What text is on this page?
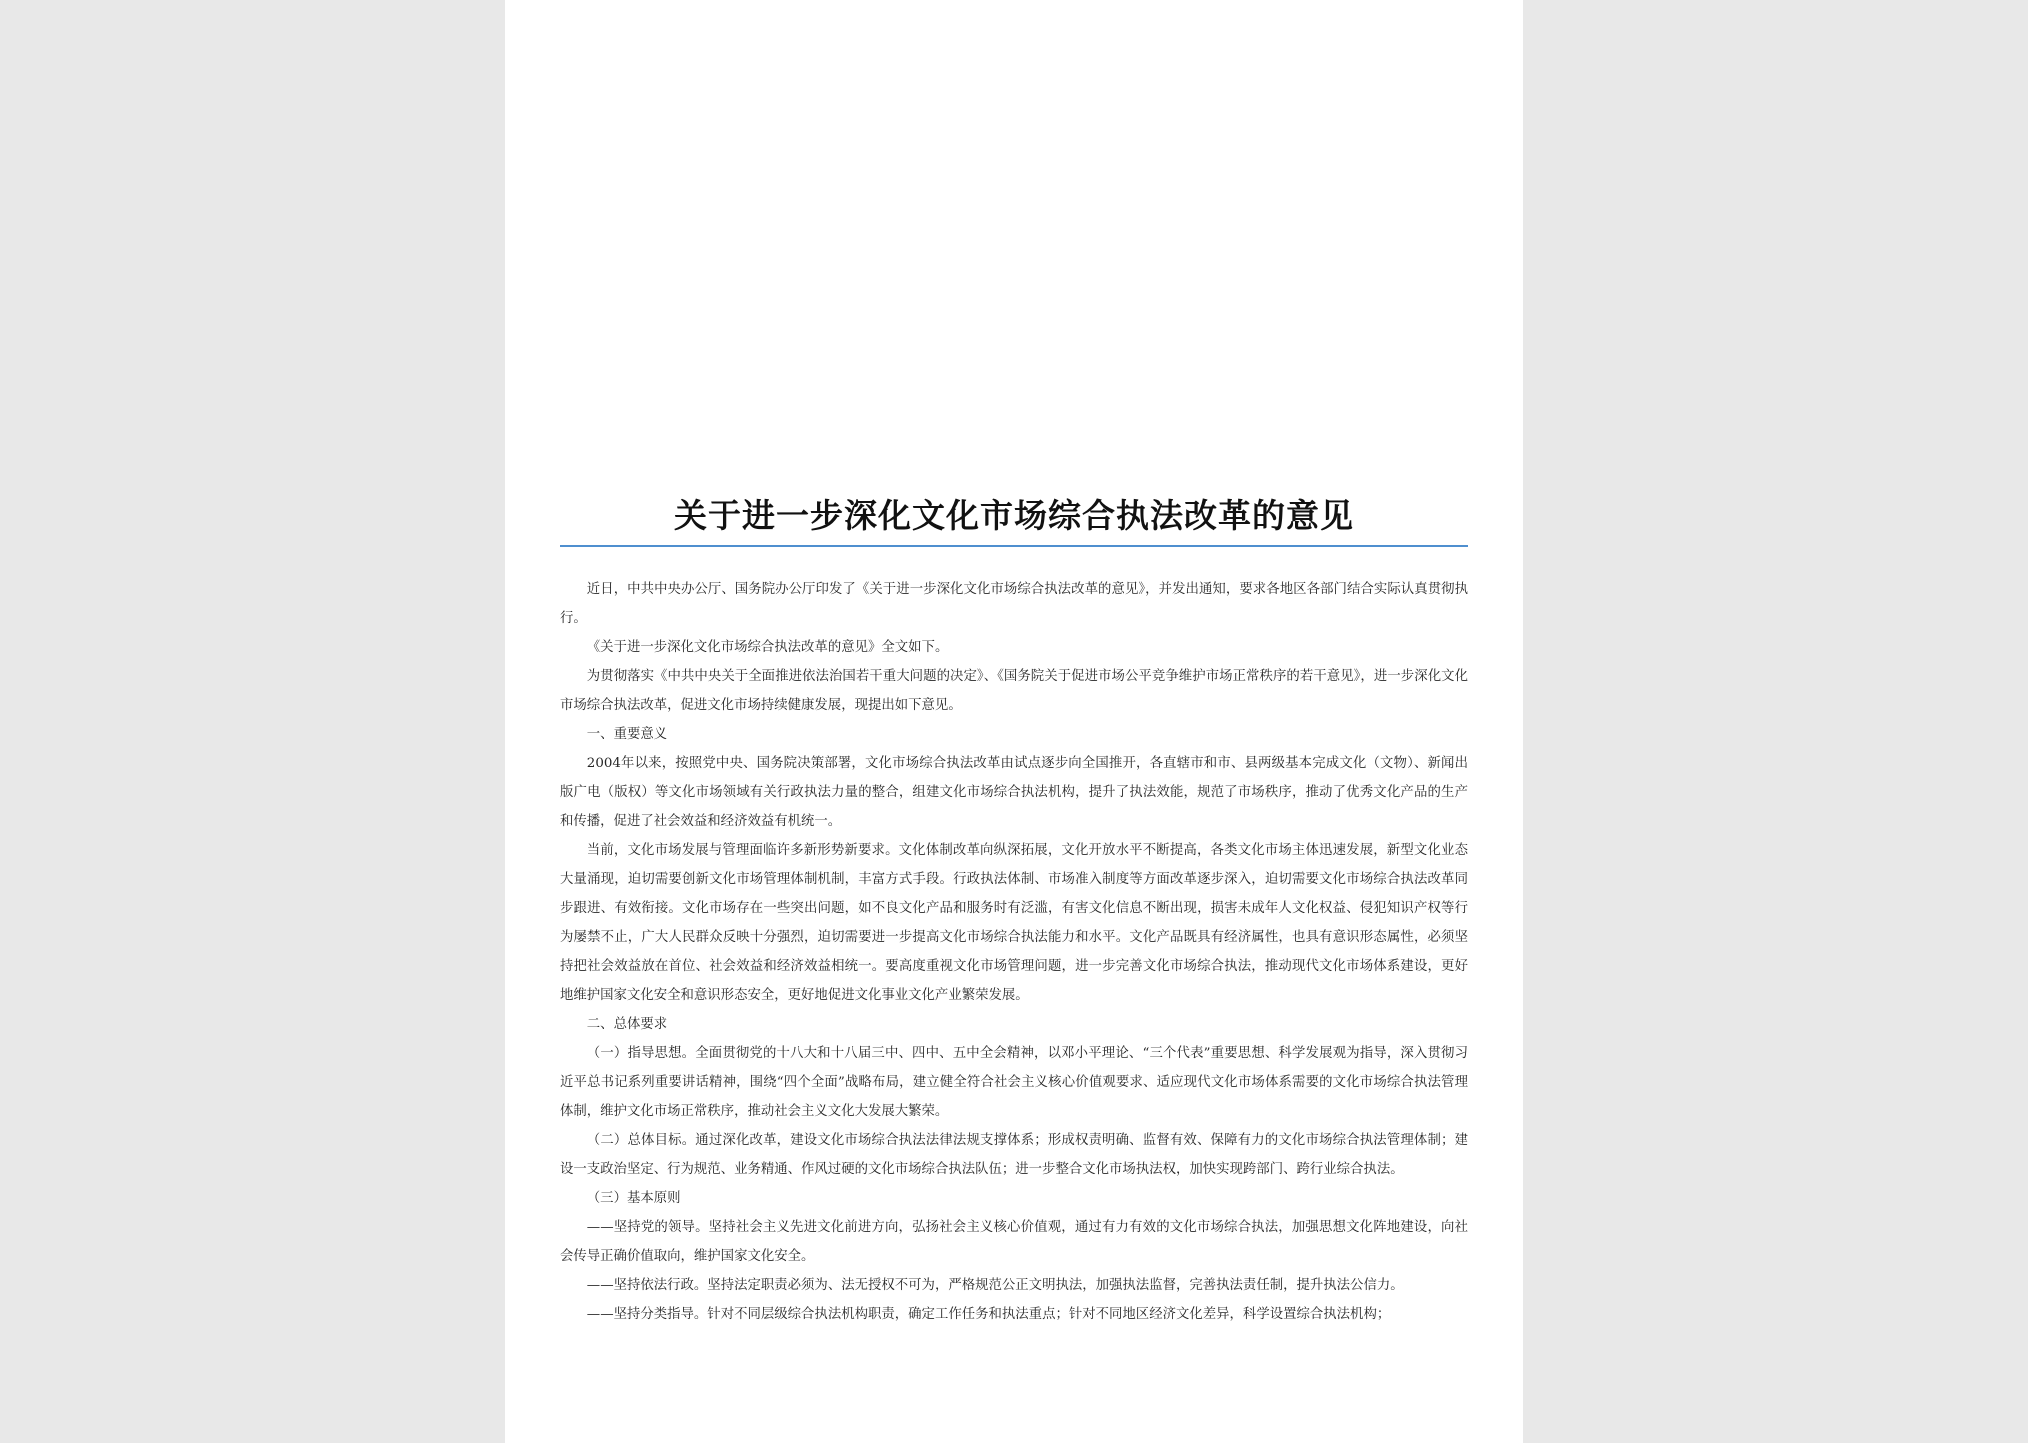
关于进一步深化文化市场综合执法改革的意见

近日，中共中央办公厅、国务院办公厅印发了《关于进一步深化文化市场综合执法改革的意见》，并发出通知，要求各地区各部门结合实际认真贯彻执行。

《关于进一步深化文化市场综合执法改革的意见》全文如下。

为贯彻落实《中共中央关于全面推进依法治国若干重大问题的决定》、《国务院关于促进市场公平竞争维护市场正常秩序的若干意见》，进一步深化文化市场综合执法改革，促进文化市场持续健康发展，现提出如下意见。

一、重要意义

2004年以来，按照党中央、国务院决策部署，文化市场综合执法改革由试点逐步向全国推开，各直辖市和市、县两级基本完成文化（文物）、新闻出版广电（版权）等文化市场领域有关行政执法力量的整合，组建文化市场综合执法机构，提升了执法效能，规范了市场秩序，推动了优秀文化产品的生产和传播，促进了社会效益和经济效益有机统一。

当前，文化市场发展与管理面临许多新形势新要求。文化体制改革向纵深拓展，文化开放水平不断提高，各类文化市场主体迅速发展，新型文化业态大量涌现，迫切需要创新文化市场管理体制机制，丰富方式手段。行政执法体制、市场准入制度等方面改革逐步深入，迫切需要文化市场综合执法改革同步跟进、有效衔接。文化市场存在一些突出问题，如不良文化产品和服务时有泛滥，有害文化信息不断出现，损害未成年人文化权益、侵犯知识产权等行为屡禁不止，广大人民群众反映十分强烈，迫切需要进一步提高文化市场综合执法能力和水平。文化产品既具有经济属性，也具有意识形态属性，必须坚持把社会效益放在首位、社会效益和经济效益相统一。要高度重视文化市场管理问题，进一步完善文化市场综合执法，推动现代文化市场体系建设，更好地维护国家文化安全和意识形态安全，更好地促进文化事业文化产业繁荣发展。

二、总体要求

（一）指导思想。全面贯彻党的十八大和十八届三中、四中、五中全会精神，以邓小平理论、“三个代表”重要思想、科学发展观为指导，深入贯彻习近平总书记系列重要讲话精神，围绕“四个全面”战略布局，建立健全符合社会主义核心价值观要求、适应现代文化市场体系需要的文化市场综合执法管理体制，维护文化市场正常秩序，推动社会主义文化大发展大繁荣。

（二）总体目标。通过深化改革，建设文化市场综合执法法律法规支撑体系；形成权责明确、监督有效、保障有力的文化市场综合执法管理体制；建设一支政治坚定、行为规范、业务精通、作风过硬的文化市场综合执法队伍；进一步整合文化市场执法权，加快实现跨部门、跨行业综合执法。

（三）基本原则

——坚持党的领导。坚持社会主义先进文化前进方向，弘扬社会主义核心价值观，通过有力有效的文化市场综合执法，加强思想文化阵地建设，向社会传导正确价值取向，维护国家文化安全。

——坚持依法行政。坚持法定职责必须为、法无授权不可为，严格规范公正文明执法，加强执法监督，完善执法责任制，提升执法公信力。

——坚持分类指导。针对不同层级综合执法机构职责，确定工作任务和执法重点；针对不同地区经济文化差异，科学设置综合执法机构；
